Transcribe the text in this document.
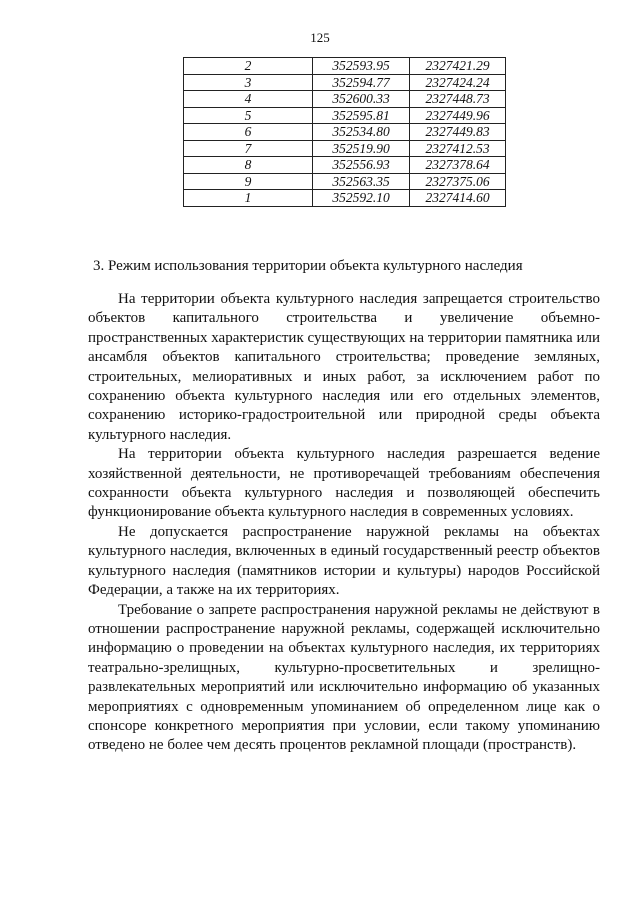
125
2	352593.95	2327421.29
3	352594.77	2327424.24
4	352600.33	2327448.73
5	352595.81	2327449.96
6	352534.80	2327449.83
7	352519.90	2327412.53
8	352556.93	2327378.64
9	352563.35	2327375.06
1	352592.10	2327414.60
3. Режим использования территории объекта культурного наследия

На территории объекта культурного наследия запрещается строительство объектов капитального строительства и увеличение объемно-пространственных характеристик существующих на территории памятника или ансамбля объектов капитального строительства; проведение земляных, строительных, мелиоративных и иных работ, за исключением работ по сохранению объекта культурного наследия или его отдельных элементов, сохранению историко-градостроительной или природной среды объекта культурного наследия.

На территории объекта культурного наследия разрешается ведение хозяйственной деятельности, не противоречащей требованиям обеспечения сохранности объекта культурного наследия и позволяющей обеспечить функционирование объекта культурного наследия в современных условиях.

Не допускается распространение наружной рекламы на объектах культурного наследия, включенных в единый государственный реестр объектов культурного наследия (памятников истории и культуры) народов Российской Федерации, а также на их территориях.

Требование о запрете распространения наружной рекламы не действуют в отношении распространение наружной рекламы, содержащей исключительно информацию о проведении на объектах культурного наследия, их территориях театрально-зрелищных, культурно-просветительных и зрелищно-развлекательных мероприятий или исключительно информацию об указанных мероприятиях с одновременным упоминанием об определенном лице как о спонсоре конкретного мероприятия при условии, если такому упоминанию отведено не более чем десять процентов рекламной площади (пространств).
